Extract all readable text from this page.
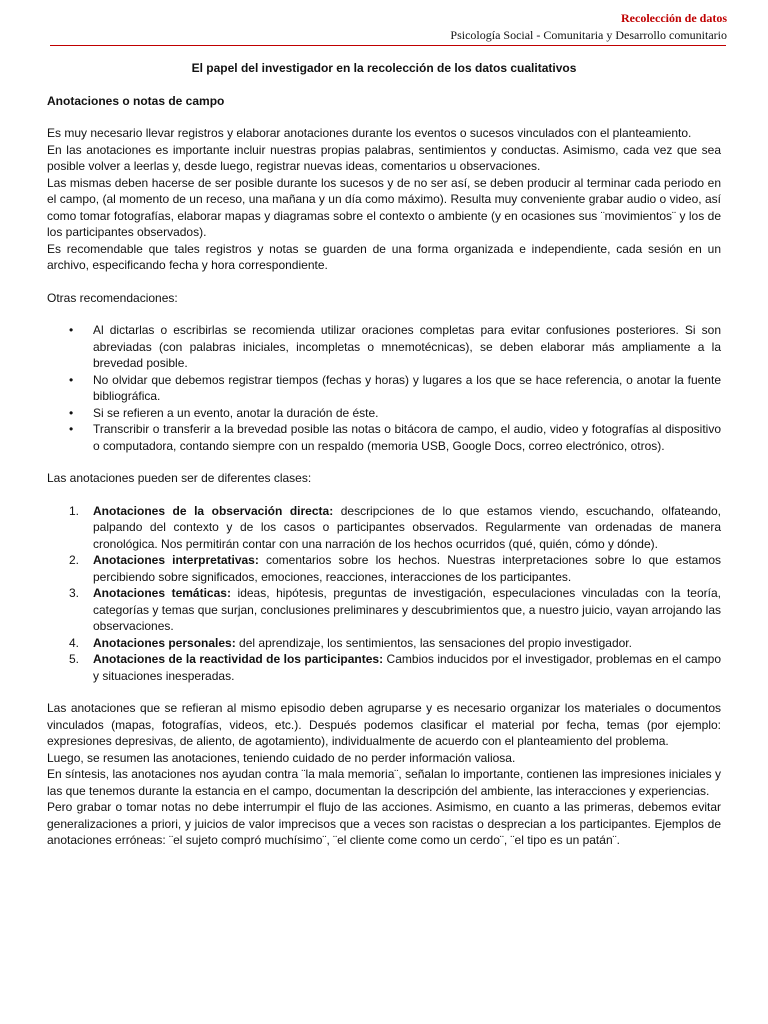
Recolección de datos
Psicología Social - Comunitaria y Desarrollo comunitario
El papel del investigador en la recolección de los datos cualitativos
Anotaciones o notas de campo

Es muy necesario llevar registros y elaborar anotaciones durante los eventos o sucesos vinculados con el planteamiento.

En las anotaciones es importante incluir nuestras propias palabras, sentimientos y conductas. Asimismo, cada vez que sea posible volver a leerlas y, desde luego, registrar nuevas ideas, comentarios u observaciones.

Las mismas deben hacerse de ser posible durante los sucesos y de no ser así, se deben producir al terminar cada periodo en el campo, (al momento de un receso, una mañana y un día como máximo). Resulta muy conveniente grabar audio o video, así como tomar fotografías, elaborar mapas y diagramas sobre el contexto o ambiente (y en ocasiones sus ¨movimientos¨ y los de los participantes observados).

Es recomendable que tales registros y notas se guarden de una forma organizada e independiente, cada sesión en un archivo, especificando fecha y hora correspondiente.

Otras recomendaciones:
• Al dictarlas o escribirlas se recomienda utilizar oraciones completas para evitar confusiones posteriores. Si son abreviadas (con palabras iniciales, incompletas o mnemotécnicas), se deben elaborar más ampliamente a la brevedad posible.
• No olvidar que debemos registrar tiempos (fechas y horas) y lugares a los que se hace referencia, o anotar la fuente bibliográfica.
• Si se refieren a un evento, anotar la duración de éste.
• Transcribir o transferir a la brevedad posible las notas o bitácora de campo, el audio, video y fotografías al dispositivo o computadora, contando siempre con un respaldo (memoria USB, Google Docs, correo electrónico, otros).
Las anotaciones pueden ser de diferentes clases:
1. Anotaciones de la observación directa: descripciones de lo que estamos viendo, escuchando, olfateando, palpando del contexto y de los casos o participantes observados. Regularmente van ordenadas de manera cronológica. Nos permitirán contar con una narración de los hechos ocurridos (qué, quién, cómo y dónde).
2. Anotaciones interpretativas: comentarios sobre los hechos. Nuestras interpretaciones sobre lo que estamos percibiendo sobre significados, emociones, reacciones, interacciones de los participantes.
3. Anotaciones temáticas: ideas, hipótesis, preguntas de investigación, especulaciones vinculadas con la teoría, categorías y temas que surjan, conclusiones preliminares y descubrimientos que, a nuestro juicio, vayan arrojando las observaciones.
4. Anotaciones personales: del aprendizaje, los sentimientos, las sensaciones del propio investigador.
5. Anotaciones de la reactividad de los participantes: Cambios inducidos por el investigador, problemas en el campo y situaciones inesperadas.

Las anotaciones que se refieran al mismo episodio deben agruparse y es necesario organizar los materiales o documentos vinculados (mapas, fotografías, videos, etc.). Después podemos clasificar el material por fecha, temas (por ejemplo: expresiones depresivas, de aliento, de agotamiento), individualmente de acuerdo con el planteamiento del problema.

Luego, se resumen las anotaciones, teniendo cuidado de no perder información valiosa.

En síntesis, las anotaciones nos ayudan contra ¨la mala memoria¨, señalan lo importante, contienen las impresiones iniciales y las que tenemos durante la estancia en el campo, documentan la descripción del ambiente, las interacciones y experiencias.

Pero grabar o tomar notas no debe interrumpir el flujo de las acciones. Asimismo, en cuanto a las primeras, debemos evitar generalizaciones a priori, y juicios de valor imprecisos que a veces son racistas o desprecian a los participantes. Ejemplos de anotaciones erróneas: ¨el sujeto compró muchísimo¨, ¨el cliente come como un cerdo¨, ¨el tipo es un patán¨.
